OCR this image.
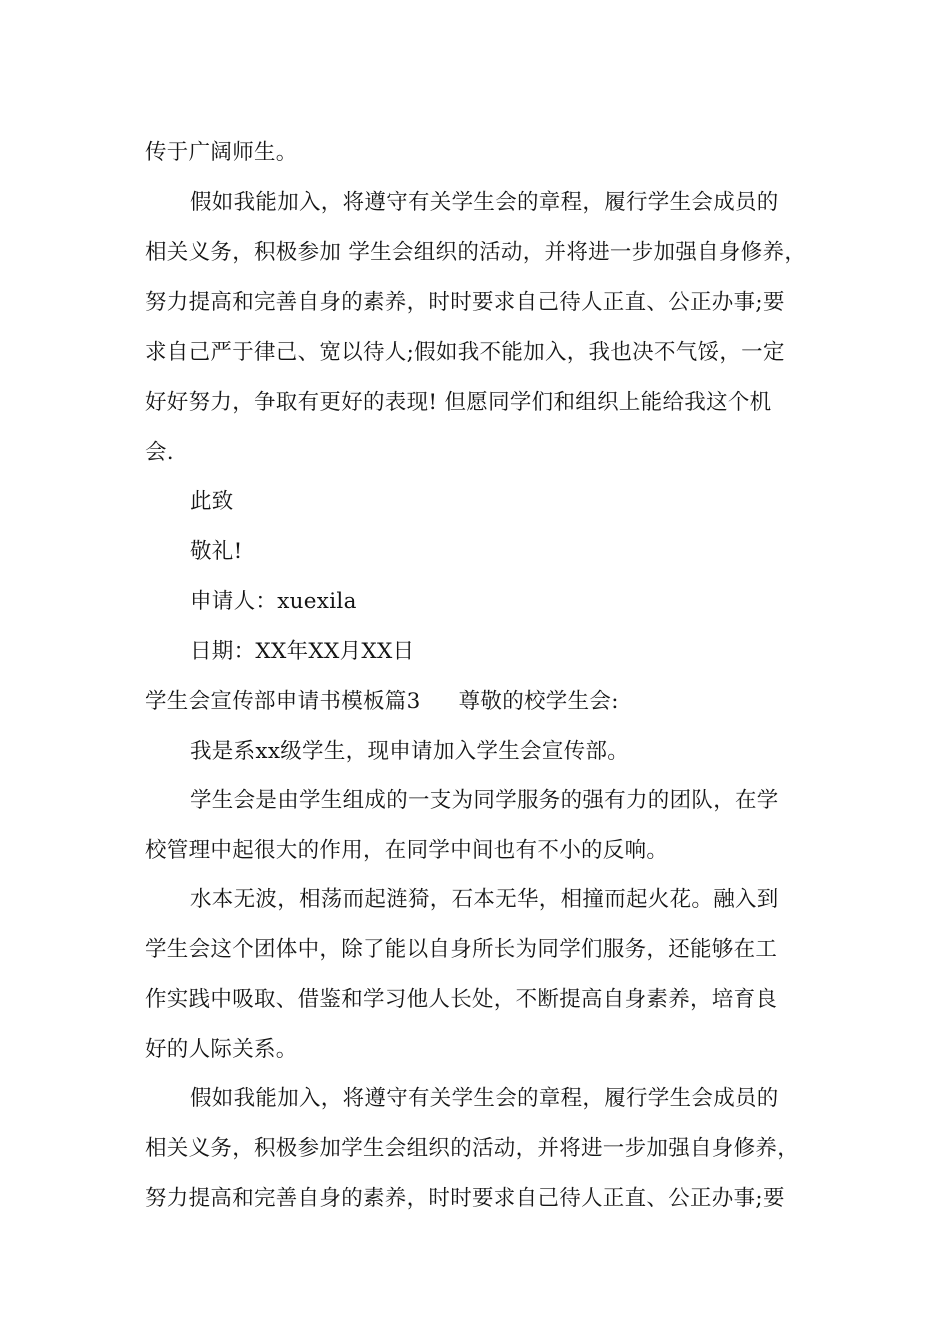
传于广阔师生。
假如我能加入，将遵守有关学生会的章程，履行学生会成员的
相关义务，积极参加 学生会组织的活动，并将进一步加强自身修养，
努力提高和完善自身的素养，时时要求自己待人正直、公正办事;要
求自己严于律己、宽以待人;假如我不能加入，我也决不气馁，一定
好好努力，争取有更好的表现! 但愿同学们和组织上能给我这个机
会.
此致
敬礼!
申请人：xuexila
日期：XX年XX月XX日
学生会宣传部申请书模板篇3 尊敬的校学生会:
我是系xx级学生，现申请加入学生会宣传部。
学生会是由学生组成的一支为同学服务的强有力的团队，在学
校管理中起很大的作用，在同学中间也有不小的反响。
水本无波，相荡而起涟猗，石本无华，相撞而起火花。融入到
学生会这个团体中，除了能以自身所长为同学们服务，还能够在工
作实践中吸取、借鉴和学习他人长处，不断提高自身素养，培育良
好的人际关系。
假如我能加入，将遵守有关学生会的章程，履行学生会成员的
相关义务，积极参加学生会组织的活动，并将进一步加强自身修养，
努力提高和完善自身的素养，时时要求自己待人正直、公正办事;要
